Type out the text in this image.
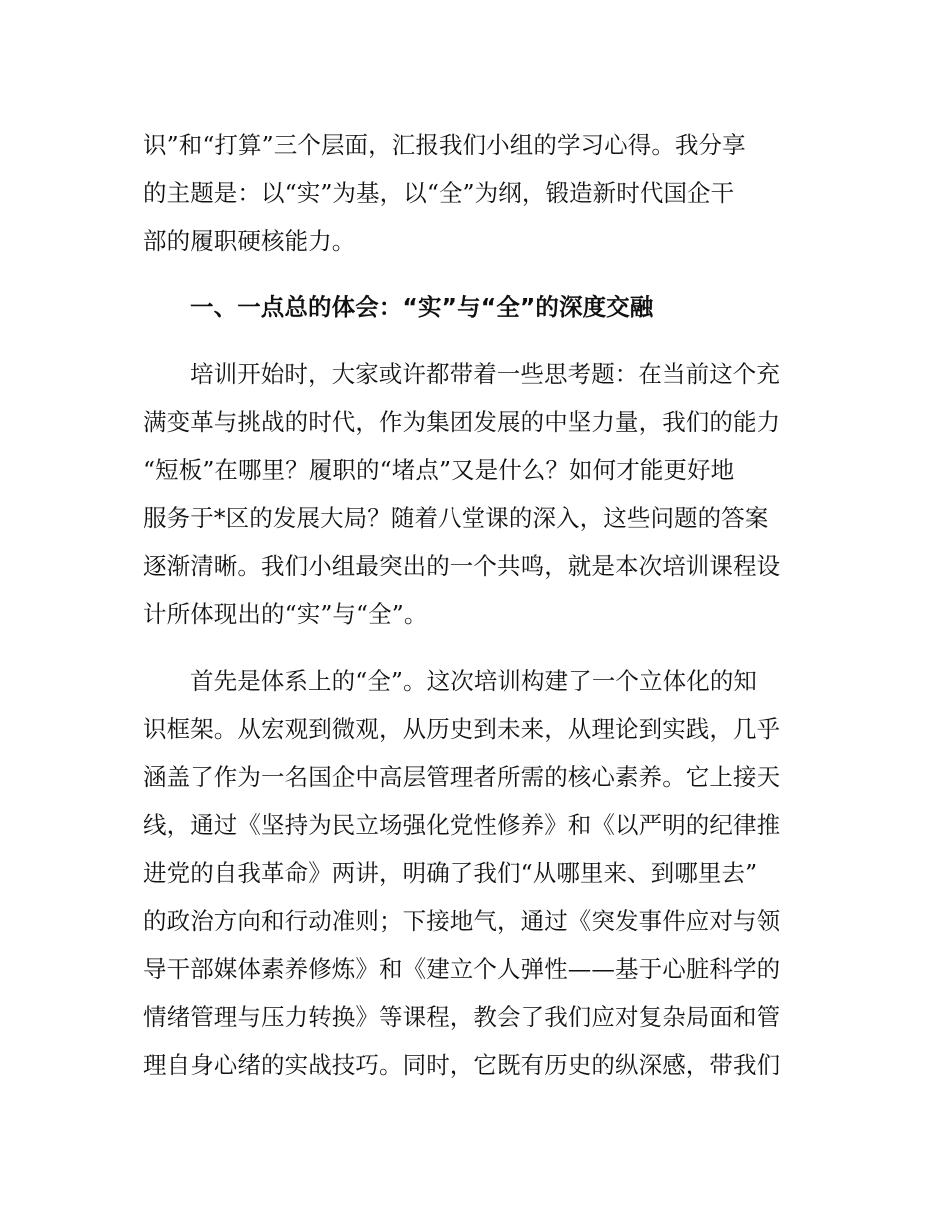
识”和“打算”三个层面，汇报我们小组的学习心得。我分享
的主题是：以“实”为基，以“全”为纲，锻造新时代国企干
部的履职硬核能力。
一、一点总的体会：“实”与“全”的深度交融
培训开始时，大家或许都带着一些思考题：在当前这个充
满变革与挑战的时代，作为集团发展的中坚力量，我们的能力
“短板”在哪里？履职的“堵点”又是什么？如何才能更好地
服务于*区的发展大局？随着八堂课的深入，这些问题的答案
逐渐清晰。我们小组最突出的一个共鸣，就是本次培训课程设
计所体现出的“实”与“全”。
首先是体系上的“全”。这次培训构建了一个立体化的知
识框架。从宏观到微观，从历史到未来，从理论到实践，几乎
涵盖了作为一名国企中高层管理者所需的核心素养。它上接天
线，通过《坚持为民立场强化党性修养》和《以严明的纪律推
进党的自我革命》两讲，明确了我们“从哪里来、到哪里去”
的政治方向和行动准则；下接地气，通过《突发事件应对与领
导干部媒体素养修炼》和《建立个人弹性——基于心脏科学的
情绪管理与压力转换》等课程，教会了我们应对复杂局面和管
理自身心绪的实战技巧。同时，它既有历史的纵深感，带我们
